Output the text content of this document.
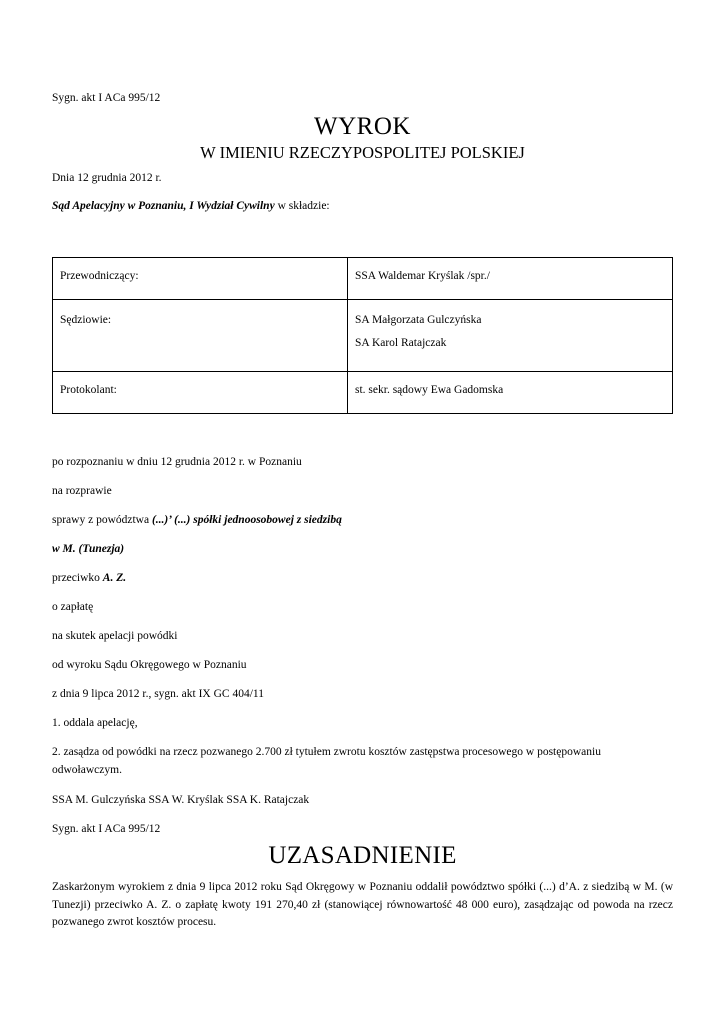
Sygn. akt I ACa 995/12
WYROK
W IMIENIU RZECZYPOSPOLITEJ POLSKIEJ
Dnia 12 grudnia 2012 r.
Sąd Apelacyjny w Poznaniu, I Wydział Cywilny w składzie:
Przewodniczący:	SSA Waldemar Kryślak /spr./
Sędziowie:	SA Małgorzata Gulczyńska
SA Karol Ratajczak

Protokolant:	st. sekr. sądowy Ewa Gadomska
po rozpoznaniu w dniu 12 grudnia 2012 r. w Poznaniu
na rozprawie
sprawy z powództwa (...)’ (...) spółki jednoosobowej z siedzibą
w M. (Tunezja)
przeciwko A. Z.
o zapłatę
na skutek apelacji powódki
od wyroku Sądu Okręgowego w Poznaniu
z dnia 9 lipca 2012 r., sygn. akt IX GC 404/11
1. oddala apelację,
2. zasądza od powódki na rzecz pozwanego 2.700 zł tytułem zwrotu kosztów zastępstwa procesowego w postępowaniu odwoławczym.
SSA M. Gulczyńska SSA W. Kryślak SSA K. Ratajczak
Sygn. akt I ACa 995/12
UZASADNIENIE
Zaskarżonym wyrokiem z dnia 9 lipca 2012 roku Sąd Okręgowy w Poznaniu oddalił powództwo spółki (...) d’A. z siedzibą w M. (w Tunezji) przeciwko A. Z. o zapłatę kwoty 191 270,40 zł (stanowiącej równowartość 48 000 euro), zasądzając od powoda na rzecz pozwanego zwrot kosztów procesu.
